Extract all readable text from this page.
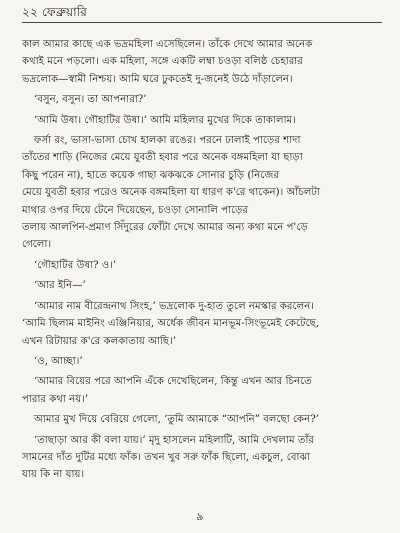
২২ ফেব্রুয়ারি

কাল আমার কাছে এক ভদ্রমহিলা এসেছিলেন। তাঁকে দেখে আমার অনেক
কথাই মনে পড়লো। এক মহিলা, সঙ্গে একটি লম্বা চওড়া বলিষ্ঠ চেহারার
ভদ্রলোক—স্বামী নিশ্চয়। আমি ঘরে ঢুকতেই দু-জনেই উঠে দাঁড়ালেন।

‘বসুন, বসুন। তা আপনারা?’

‘আমি উষা। গৌহাটির উষা।’ আমি মহিলার মুখের দিকে তাকালাম।

ফর্সা রং, ভাসা-ভাসা চোখ হালকা রঙের। পরনে ঢালাই পাড়ের শাদা
তাঁতের শাড়ি (নিজের মেয়ে যুবতী হবার পরে অনেক বঙ্গমহিলা যা ছাড়া
কিছু পরেন না), হাতে কয়েক গাছা ঝকঝকে সোনার চুড়ি (নিজের
মেয়ে যুবতী হবার পরেও অনেক বঙ্গমহিলা যা ধারণ ক'রে থাকেন)। আঁচলটা
মাথার ওপর দিয়ে টেনে দিয়েছেন, চওড়া সোনালি পাড়ের
তলায় আলপিন-প্রমাণ সিঁদুরের ফোঁটা দেখে আমার অন্য কথা মনে প'ড়ে
গেলো।

‘গৌহাটির উষা? ও।’

‘আর ইনি—’

‘আমার নাম বীরেন্দ্রনাথ সিংহ,’ ভদ্রলোক দু-হাত তুলে নমস্কার করলেন।
‘আমি ছিলাম মাইনিং এঞ্জিনিয়ার, অর্ধেক জীবন মানভূম-সিংভূমেই কেটেছে,
এখন রিটায়ার ক'রে কলকাতায় আছি।’

‘ও, আচ্ছা।’

‘আমার বিয়ের পরে আপনি এঁকে দেখেছিলেন, কিন্তু এখন আর চিনতে
পারার কথা নয়।’

আমার মুখ দিয়ে বেরিয়ে গেলো, ‘তুমি আমাকে “আপনি” বলছো কেন?’

‘তাছাড়া আর কী বলা যায়।’ মৃদু হাসলেন মহিলাটি, আমি দেখলাম তাঁর
সামনের দাঁত দুটির মধ্যে ফাঁক। তখন খুব সরু ফাঁক ছিলো, একচুল, বোঝা
যায় কি না যায়।

৯
